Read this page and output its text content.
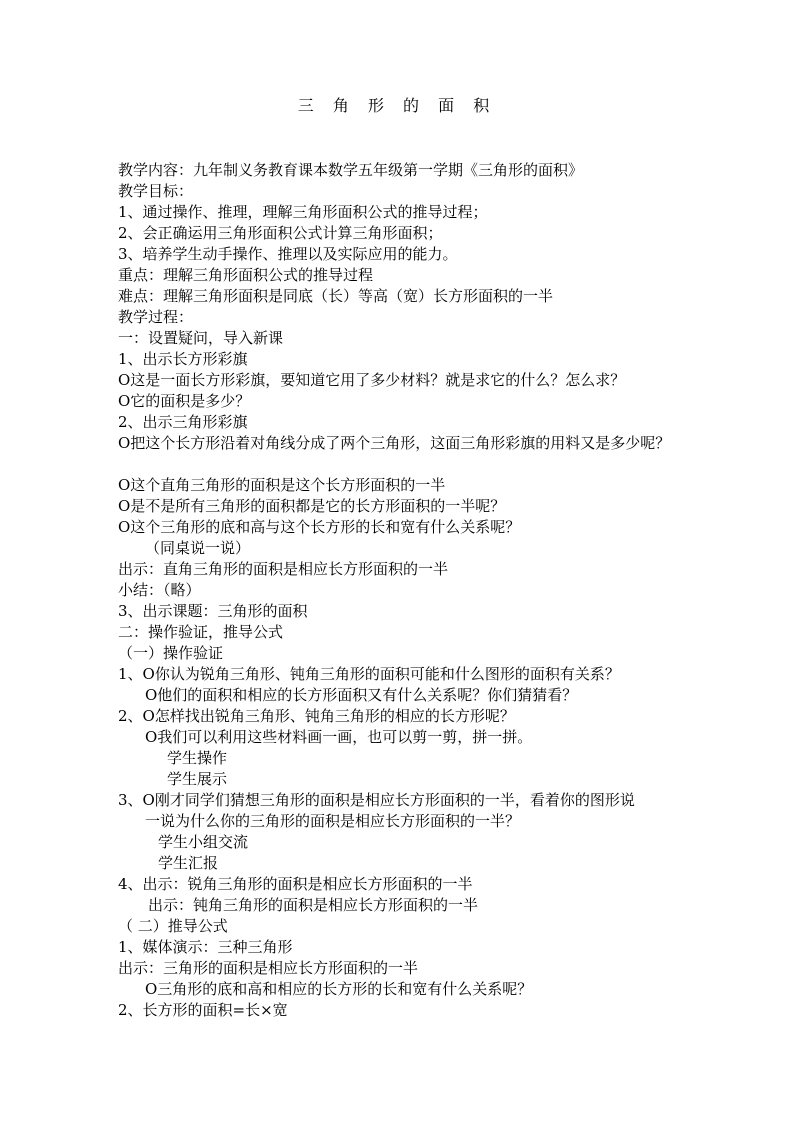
三 角 形 的 面 积
教学内容：九年制义务教育课本数学五年级第一学期《三角形的面积》
教学目标：
1、通过操作、推理，理解三角形面积公式的推导过程；
2、会正确运用三角形面积公式计算三角形面积；
3、培养学生动手操作、推理以及实际应用的能力。
重点：理解三角形面积公式的推导过程
难点：理解三角形面积是同底（长）等高（宽）长方形面积的一半
教学过程：
一：设置疑问，导入新课
1、出示长方形彩旗
O这是一面长方形彩旗，要知道它用了多少材料？就是求它的什么？怎么求？
O它的面积是多少？
2、出示三角形彩旗
O把这个长方形沿着对角线分成了两个三角形，这面三角形彩旗的用料又是多少呢？
O这个直角三角形的面积是这个长方形面积的一半
O是不是所有三角形的面积都是它的长方形面积的一半呢？
O这个三角形的底和高与这个长方形的长和宽有什么关系呢？
（同桌说一说）
出示：直角三角形的面积是相应长方形面积的一半
小结：（略）
3、出示课题：三角形的面积
二：操作验证，推导公式
（一）操作验证
1、O你认为锐角三角形、钝角三角形的面积可能和什么图形的面积有关系？
O他们的面积和相应的长方形面积又有什么关系呢？你们猜猜看？
2、O怎样找出锐角三角形、钝角三角形的相应的长方形呢？
O我们可以利用这些材料画一画，也可以剪一剪，拼一拼。
学生操作
学生展示
3、O刚才同学们猜想三角形的面积是相应长方形面积的一半，看着你的图形说
一说为什么你的三角形的面积是相应长方形面积的一半？
学生小组交流
学生汇报
4、出示：锐角三角形的面积是相应长方形面积的一半
出示：钝角三角形的面积是相应长方形面积的一半
（ 二）推导公式
1、媒体演示：三种三角形
出示：三角形的面积是相应长方形面积的一半
O三角形的底和高和相应的长方形的长和宽有什么关系呢？
2、长方形的面积=长×宽
